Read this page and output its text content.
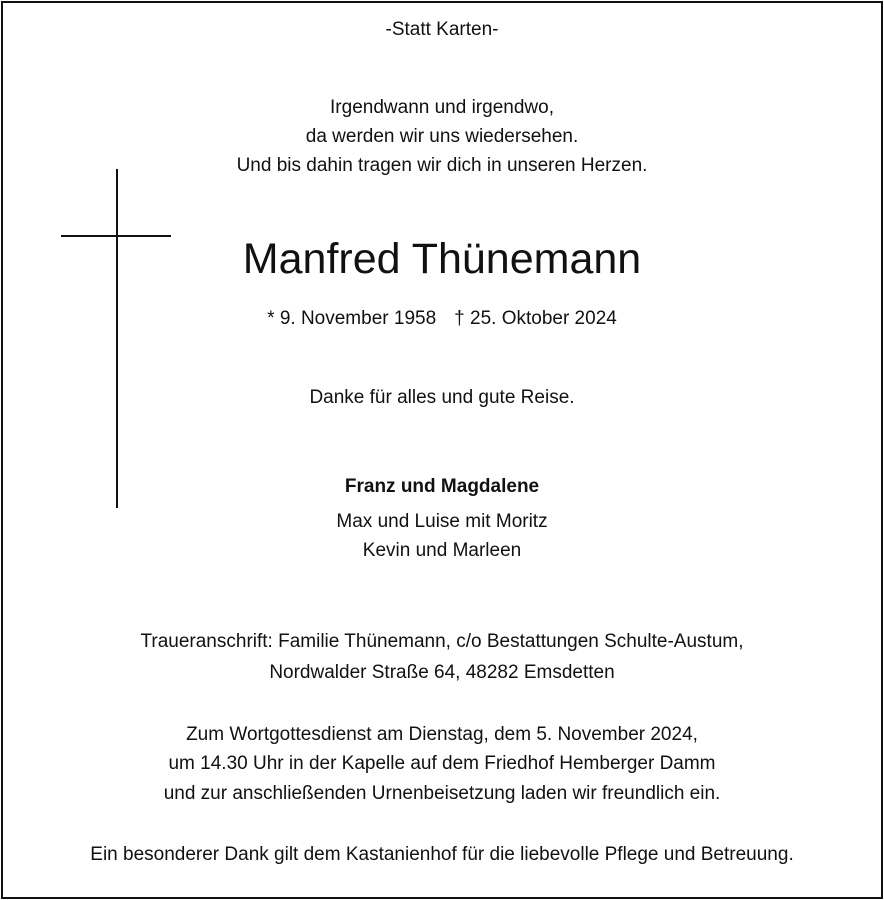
-Statt Karten-
Irgendwann und irgendwo,
da werden wir uns wiedersehen.
Und bis dahin tragen wir dich in unseren Herzen.
Manfred Thünemann
* 9. November 1958 † 25. Oktober 2024
Danke für alles und gute Reise.
Franz und Magdalene
Max und Luise mit Moritz
Kevin und Marleen
Traueranschrift: Familie Thünemann, c/o Bestattungen Schulte-Austum,
Nordwalder Straße 64, 48282 Emsdetten
Zum Wortgottesdienst am Dienstag, dem 5. November 2024,
um 14.30 Uhr in der Kapelle auf dem Friedhof Hemberger Damm
und zur anschließenden Urnenbeisetzung laden wir freundlich ein.
Ein besonderer Dank gilt dem Kastanienhof für die liebevolle Pflege und Betreuung.
